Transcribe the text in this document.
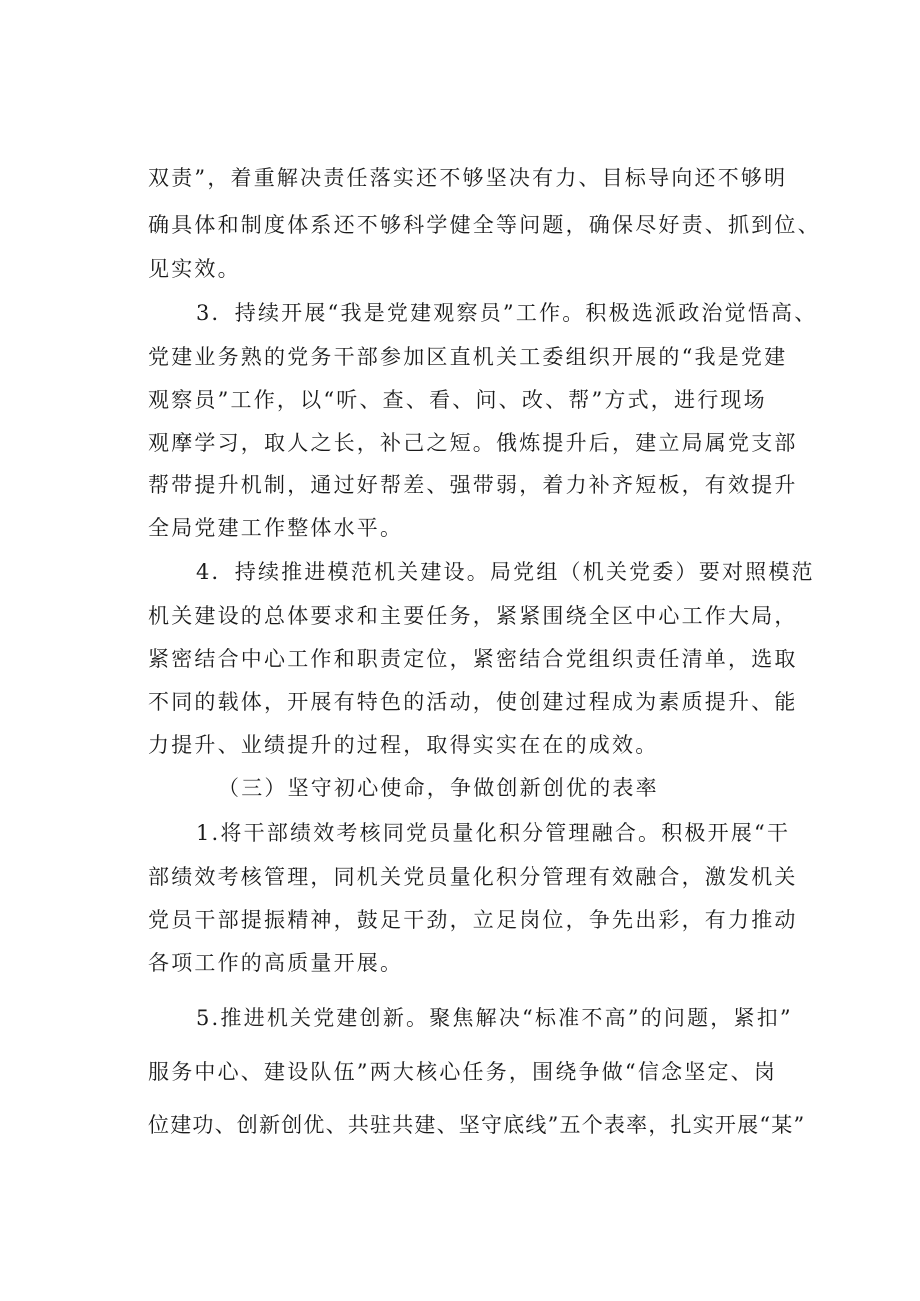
双责”，着重解决责任落实还不够坚决有力、目标导向还不够明
确具体和制度体系还不够科学健全等问题，确保尽好责、抓到位、
见实效。
3．持续开展“我是党建观察员”工作。积极选派政治觉悟高、
党建业务熟的党务干部参加区直机关工委组织开展的“我是党建
观察员”工作，以“听、查、看、问、改、帮”方式，进行现场
观摩学习，取人之长，补己之短。俄炼提升后，建立局属党支部
帮带提升机制，通过好帮差、强带弱，着力补齐短板，有效提升
全局党建工作整体水平。
4．持续推进模范机关建设。局党组（机关党委）要对照模范
机关建设的总体要求和主要任务，紧紧围绕全区中心工作大局，
紧密结合中心工作和职责定位，紧密结合党组织责任清单，选取
不同的载体，开展有特色的活动，使创建过程成为素质提升、能
力提升、业绩提升的过程，取得实实在在的成效。
（三）坚守初心使命，争做创新创优的表率
1.将干部绩效考核同党员量化积分管理融合。积极开展“干
部绩效考核管理，同机关党员量化积分管理有效融合，激发机关
党员干部提振精神，鼓足干劲，立足岗位，争先出彩，有力推动
各项工作的高质量开展。
5.推进机关党建创新。聚焦解决“标准不高”的问题，紧扣”
服务中心、建设队伍”两大核心任务，围绕争做“信念坚定、岗
位建功、创新创优、共驻共建、坚守底线”五个表率，扎实开展“某”
